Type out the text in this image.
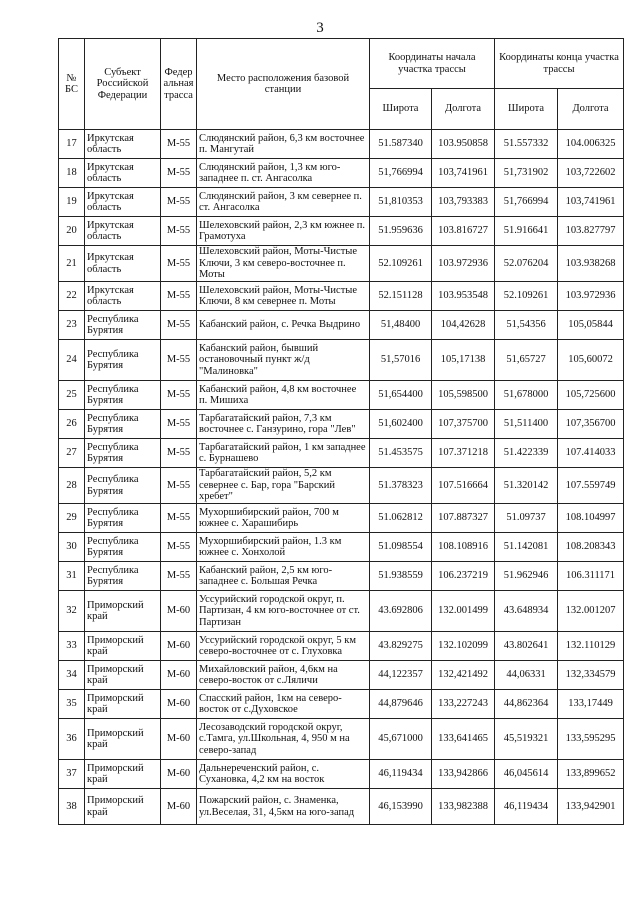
3
№ БС	Субъект Российской Федерации	Федер альная трасса	Место расположения базовой станции	Координаты начала участка трассы		Координаты конца участка трассы	
				Широта	Долгота	Широта	Долгота
17	Иркутская область	М-55	Слюдянский район, 6,3 км восточнее п. Мангутай	51.587340	103.950858	51.557332	104.006325
18	Иркутская область	М-55	Слюдянский район, 1,3 км юго-западнее п. ст. Ангасолка	51,766994	103,741961	51,731902	103,722602
19	Иркутская область	М-55	Слюдянский район, 3 км севернее п. ст. Ангасолка	51,810353	103,793383	51,766994	103,741961
20	Иркутская область	М-55	Шелеховский район, 2,3 км южнее п. Грамотуха	51.959636	103.816727	51.916641	103.827797
21	Иркутская область	М-55	Шелеховский район, Моты-Чистые Ключи, 3 км северо-восточнее п. Моты	52.109261	103.972936	52.076204	103.938268
22	Иркутская область	М-55	Шелеховский район, Моты-Чистые Ключи, 8 км севернее п. Моты	52.151128	103.953548	52.109261	103.972936
23	Республика Бурятия	М-55	Кабанский район, с. Речка Выдрино	51,48400	104,42628	51,54356	105,05844
24	Республика Бурятия	М-55	Кабанский район, бывший остановочный пункт ж/д "Малиновка"	51,57016	105,17138	51,65727	105,60072
25	Республика Бурятия	М-55	Кабанский район, 4,8 км восточнее п. Мишиха	51,654400	105,598500	51,678000	105,725600
26	Республика Бурятия	М-55	Тарбагатайский район, 7,3 км восточнее с. Ганзурино, гора "Лев"	51,602400	107,375700	51,511400	107,356700
27	Республика Бурятия	М-55	Тарбагатайский район, 1 км западнее с. Бурнашево	51.453575	107.371218	51.422339	107.414033
28	Республика Бурятия	М-55	Тарбагатайский район, 5,2 км севернее с. Бар, гора "Барский хребет"	51.378323	107.516664	51.320142	107.559749
29	Республика Бурятия	М-55	Мухоршибирский район, 700 м южнее с. Харашибирь	51.062812	107.887327	51.09737	108.104997
30	Республика Бурятия	М-55	Мухоршибирский район, 1.3 км южнее с. Хонхолой	51.098554	108.108916	51.142081	108.208343
31	Республика Бурятия	М-55	Кабанский район, 2,5 км юго-западнее с. Большая Речка	51.938559	106.237219	51.962946	106.311171
32	Приморский край	М-60	Уссурийский городской округ, п. Партизан, 4 км юго-восточнее от ст. Партизан	43.692806	132.001499	43.648934	132.001207
33	Приморский край	М-60	Уссурийский городской округ, 5 км северо-восточнее от с. Глуховка	43.829275	132.102099	43.802641	132.110129
34	Приморский край	М-60	Михайловский район, 4,6км на северо-восток от с.Ляличи	44,122357	132,421492	44,06331	132,334579
35	Приморский край	М-60	Спасский район, 1км на северо-восток от с.Духовское	44,879646	133,227243	44,862364	133,17449
36	Приморский край	М-60	Лесозаводский городской округ, с.Тамга, ул.Школьная, 4, 950 м на северо-запад	45,671000	133,641465	45,519321	133,595295
37	Приморский край	М-60	Дальнереченский район, с. Сухановка, 4,2 км на восток	46,119434	133,942866	46,045614	133,899652
38	Приморский край	М-60	Пожарский район, с. Знаменка, ул.Веселая, 31, 4,5км на юго-запад	46,153990	133,982388	46,119434	133,942901
